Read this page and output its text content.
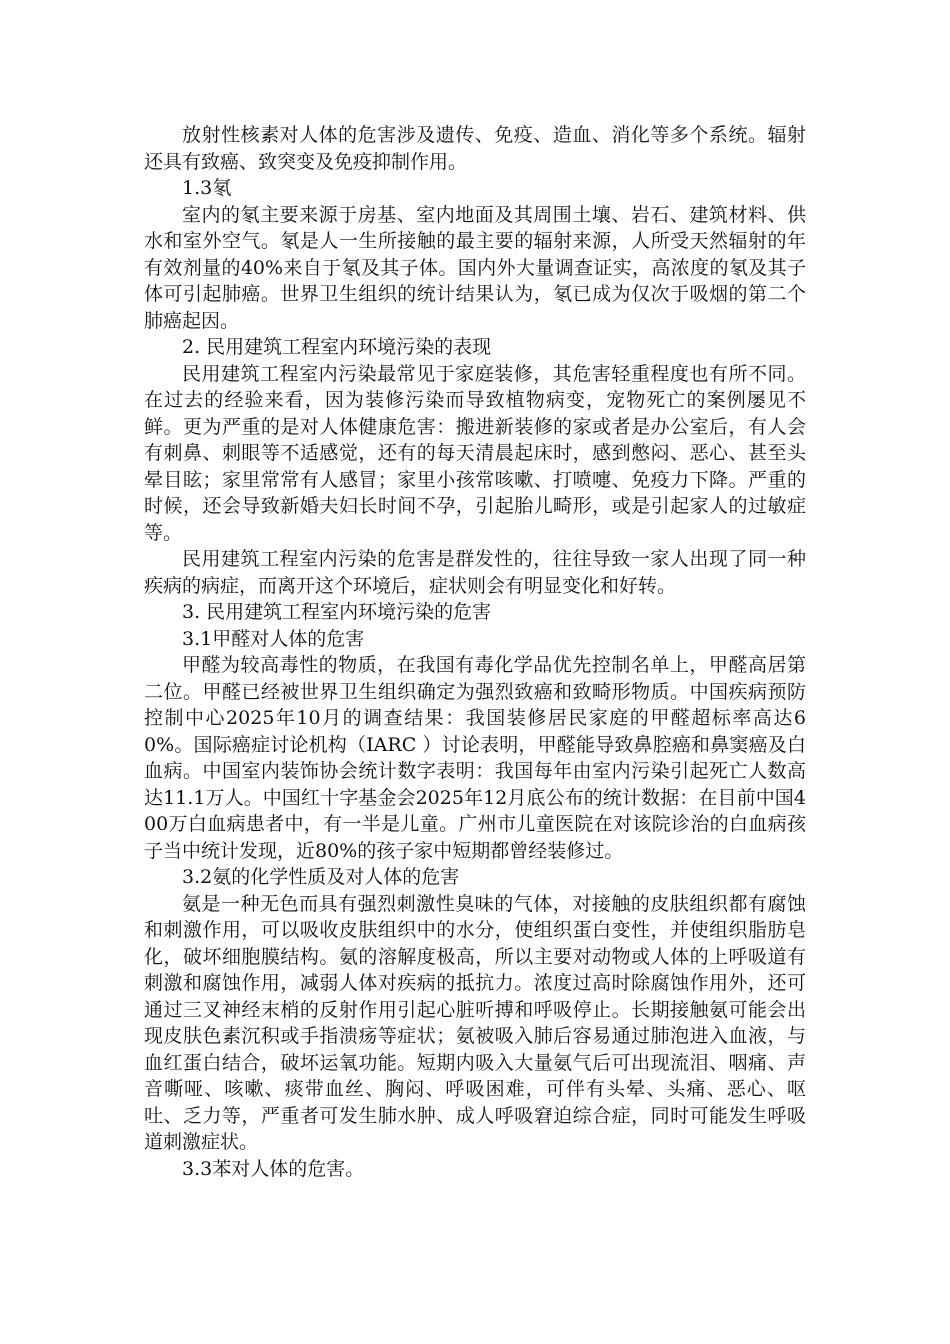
放射性核素对人体的危害涉及遗传、免疫、造血、消化等多个系统。辐射还具有致癌、致突变及免疫抑制作用。

1.3氡

室内的氡主要来源于房基、室内地面及其周围土壤、岩石、建筑材料、供水和室外空气。氡是人一生所接触的最主要的辐射来源，人所受天然辐射的年有效剂量的40%来自于氡及其子体。国内外大量调查证实，高浓度的氡及其子体可引起肺癌。世界卫生组织的统计结果认为，氡已成为仅次于吸烟的第二个肺癌起因。

2. 民用建筑工程室内环境污染的表现

民用建筑工程室内污染最常见于家庭装修，其危害轻重程度也有所不同。在过去的经验来看，因为装修污染而导致植物病变，宠物死亡的案例屡见不鲜。更为严重的是对人体健康危害：搬进新装修的家或者是办公室后，有人会有刺鼻、刺眼等不适感觉，还有的每天清晨起床时，感到憋闷、恶心、甚至头晕目眩；家里常常有人感冒；家里小孩常咳嗽、打喷嚏、免疫力下降。严重的时候，还会导致新婚夫妇长时间不孕，引起胎儿畸形，或是引起家人的过敏症等。

民用建筑工程室内污染的危害是群发性的，往往导致一家人出现了同一种疾病的病症，而离开这个环境后，症状则会有明显变化和好转。

3. 民用建筑工程室内环境污染的危害

3.1甲醛对人体的危害

甲醛为较高毒性的物质，在我国有毒化学品优先控制名单上，甲醛高居第二位。甲醛已经被世界卫生组织确定为强烈致癌和致畸形物质。中国疾病预防控制中心2025年10月的调查结果：我国装修居民家庭的甲醛超标率高达60%。国际癌症讨论机构（IARC ）讨论表明，甲醛能导致鼻腔癌和鼻窦癌及白血病。中国室内装饰协会统计数字表明：我国每年由室内污染引起死亡人数高达11.1万人。中国红十字基金会2025年12月底公布的统计数据：在目前中国400万白血病患者中，有一半是儿童。广州市儿童医院在对该院诊治的白血病孩子当中统计发现，近80%的孩子家中短期都曾经装修过。

3.2氨的化学性质及对人体的危害

氨是一种无色而具有强烈刺激性臭味的气体，对接触的皮肤组织都有腐蚀和刺激作用，可以吸收皮肤组织中的水分，使组织蛋白变性，并使组织脂肪皂化，破坏细胞膜结构。氨的溶解度极高，所以主要对动物或人体的上呼吸道有刺激和腐蚀作用，减弱人体对疾病的抵抗力。浓度过高时除腐蚀作用外，还可通过三叉神经末梢的反射作用引起心脏听搏和呼吸停止。长期接触氨可能会出现皮肤色素沉积或手指溃疡等症状；氨被吸入肺后容易通过肺泡进入血液，与血红蛋白结合，破坏运氧功能。短期内吸入大量氨气后可出现流泪、咽痛、声音嘶哑、咳嗽、痰带血丝、胸闷、呼吸困难，可伴有头晕、头痛、恶心、呕吐、乏力等，严重者可发生肺水肿、成人呼吸窘迫综合症，同时可能发生呼吸道刺激症状。

3.3苯对人体的危害。
